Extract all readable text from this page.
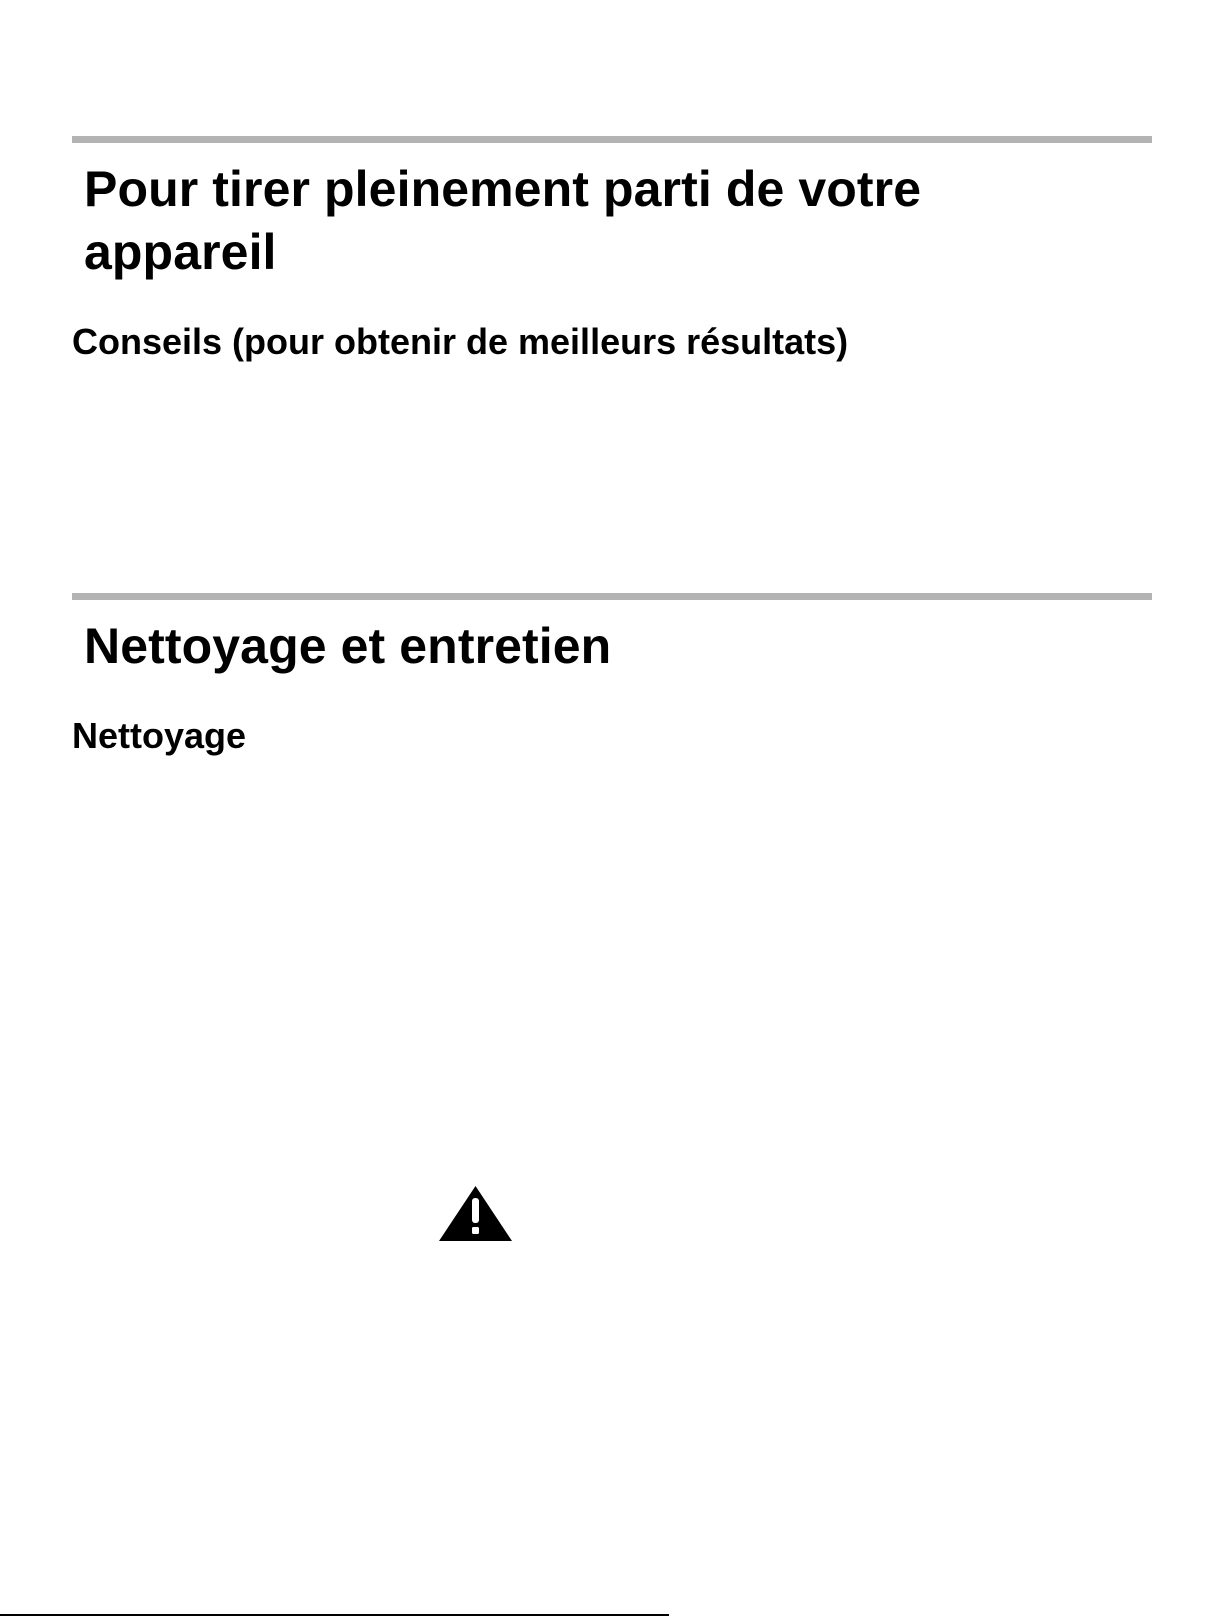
Pour tirer pleinement parti de votre appareil
Conseils (pour obtenir de meilleurs résultats)
Nettoyage et entretien
Nettoyage
